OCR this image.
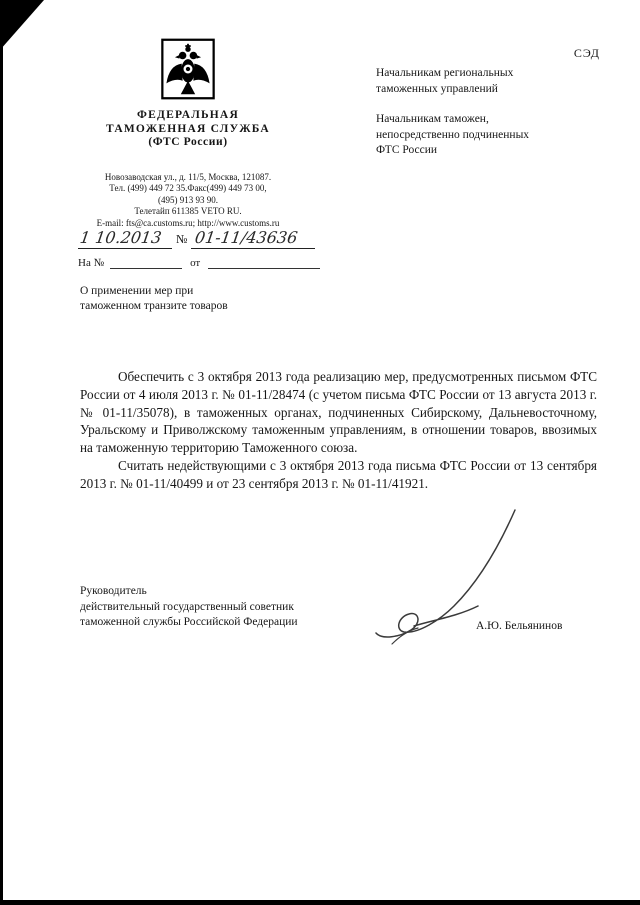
СЭД
ФЕДЕРАЛЬНАЯ
ТАМОЖЕННАЯ СЛУЖБА
(ФТС России)
Новозаводская ул., д. 11/5, Москва, 121087.
Тел. (499) 449 72 35.Факс(499) 449 73 00,
(495) 913 93 90.
Телетайп 611385 VETO RU.
E-mail: fts@ca.customs.ru; http://www.customs.ru
1 10.2013 № 01-11/43636
На №	от
О применении мер при
таможенном транзите товаров
Начальникам региональных
таможенных управлений
Начальникам таможен,
непосредственно подчиненных
ФТС России

Обеспечить с 3 октября 2013 года реализацию мер, предусмотренных письмом ФТС России от 4 июля 2013 г. № 01-11/28474 (с учетом письма ФТС России от 13 августа 2013 г. № 01-11/35078), в таможенных органах, подчиненных Сибирскому, Дальневосточному, Уральскому и Приволжскому таможенным управлениям, в отношении товаров, ввозимых на таможенную территорию Таможенного союза.

Считать недействующими с 3 октября 2013 года письма ФТС России от 13 сентября 2013 г. № 01-11/40499 и от 23 сентября 2013 г. № 01-11/41921.

Руководитель
действительный государственный советник
таможенной службы Российской Федерации	А.Ю. Бельянинов
